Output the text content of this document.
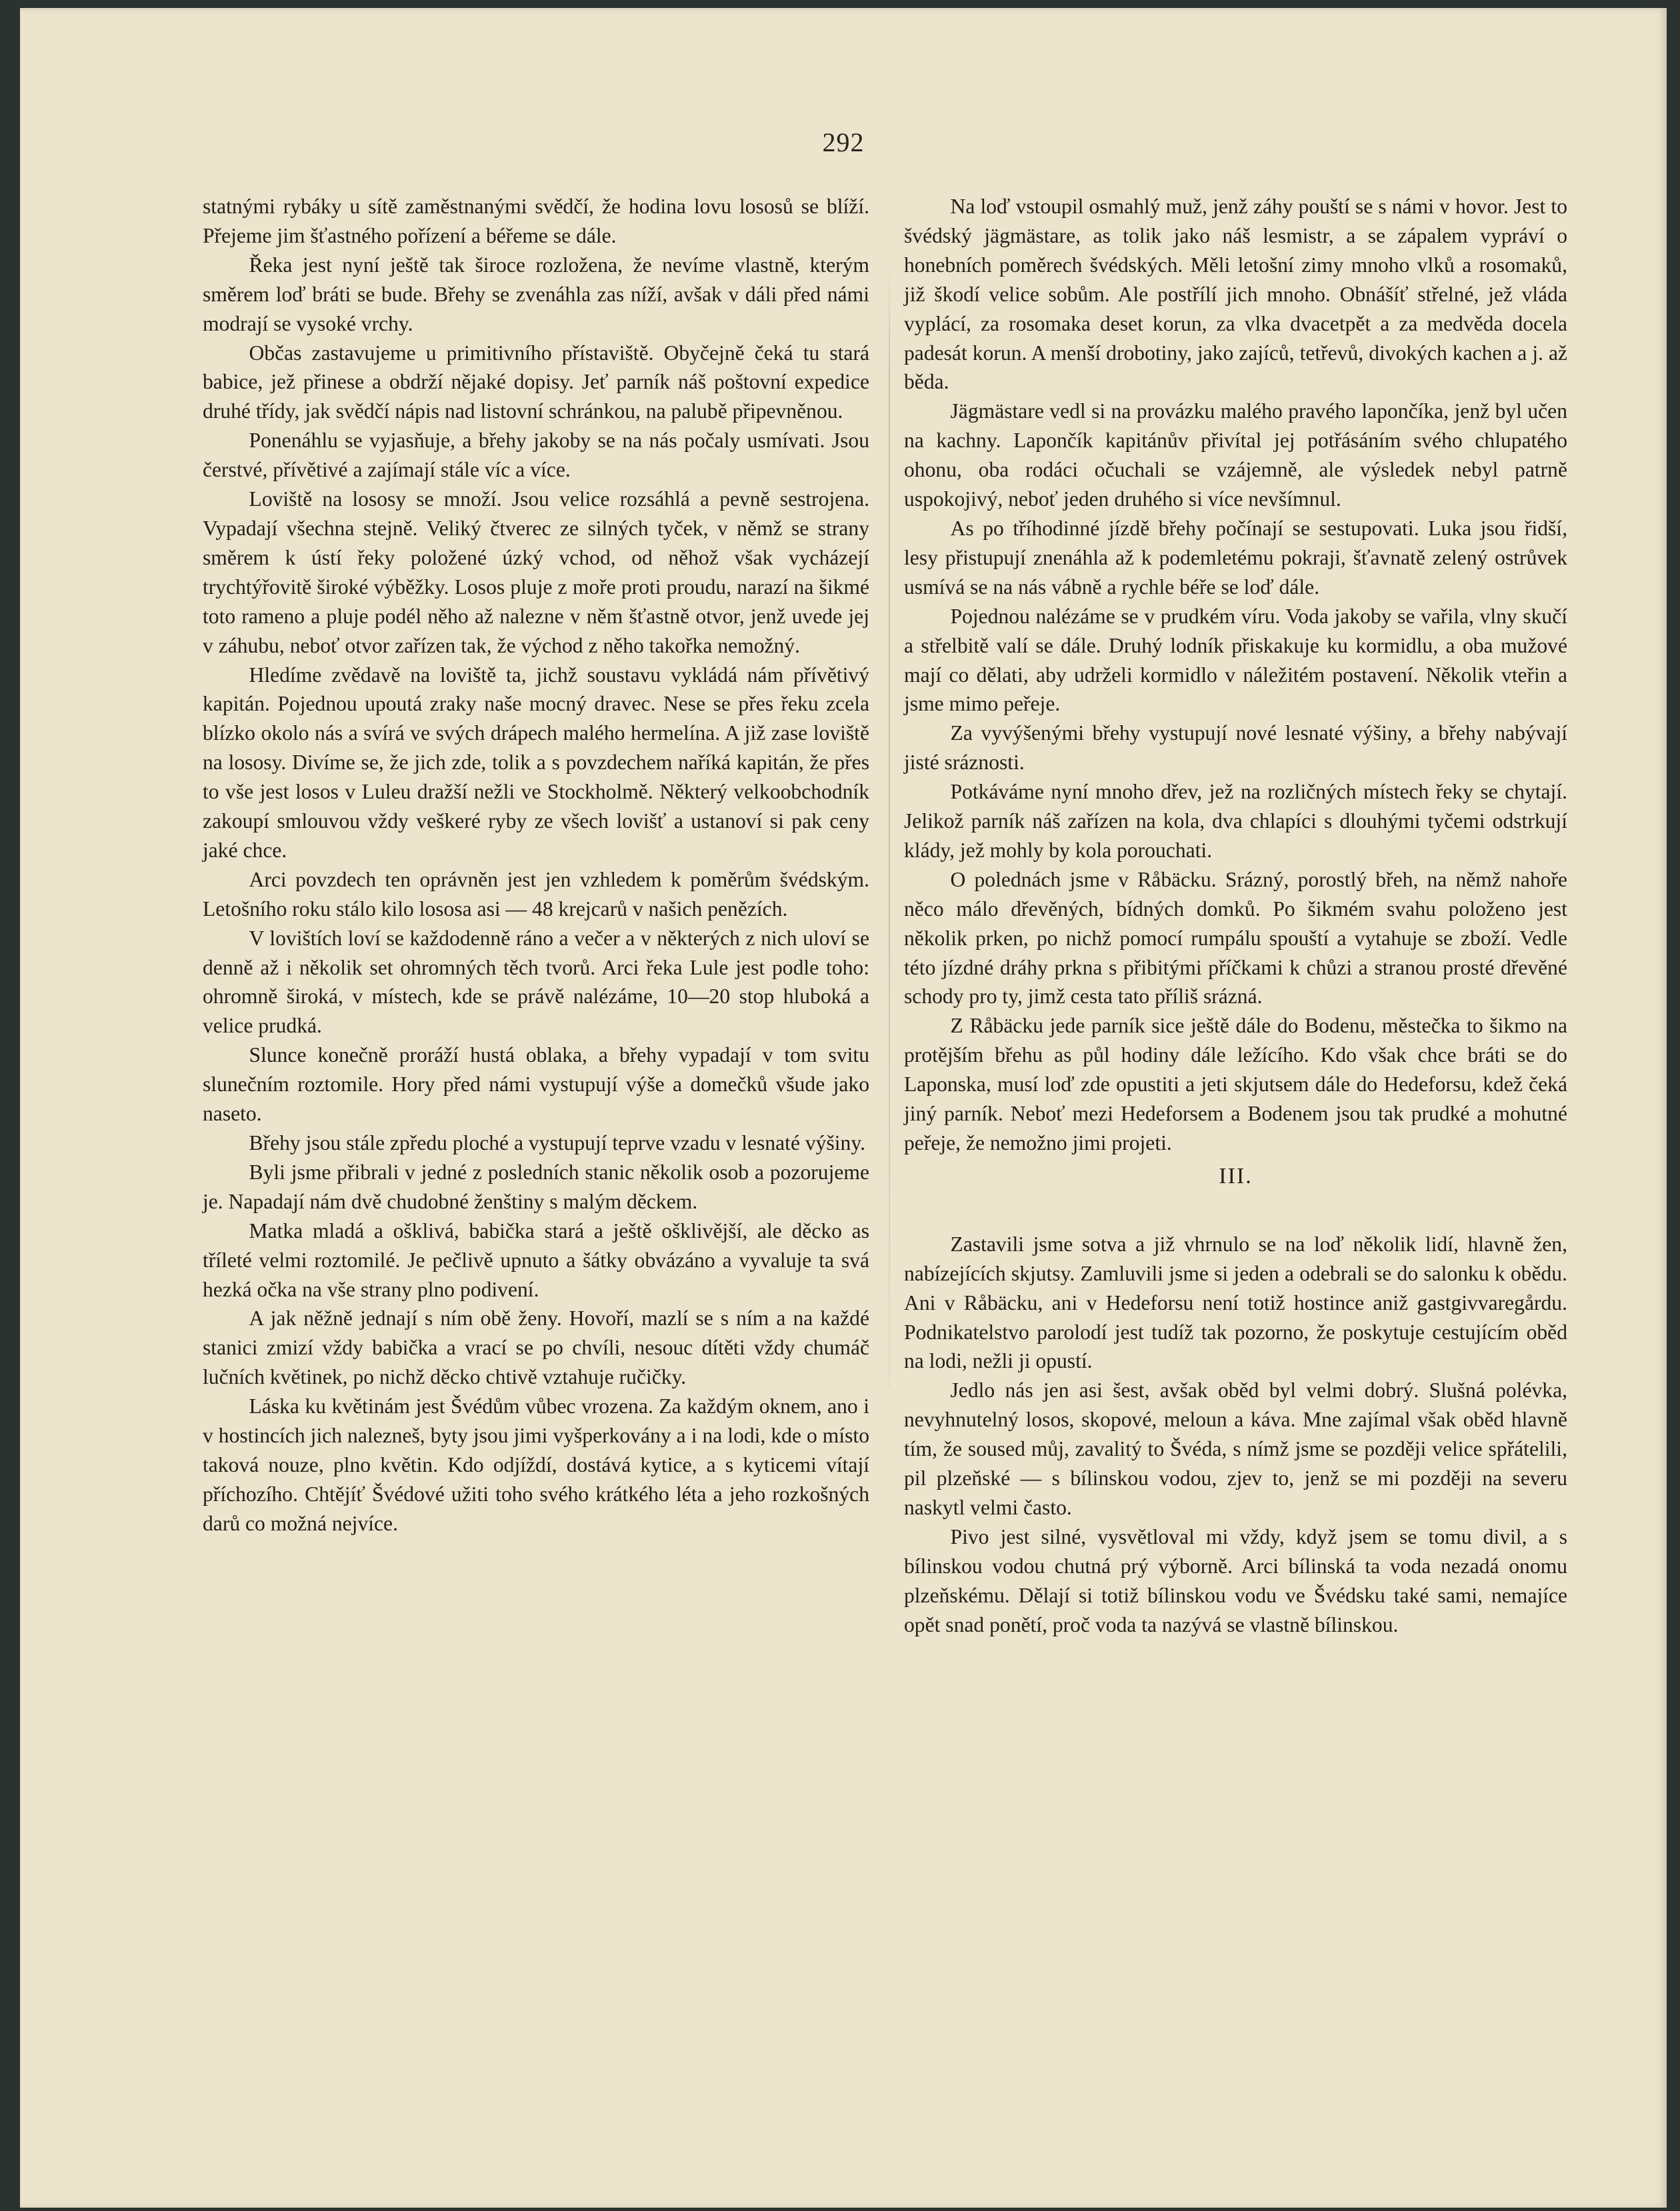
292

statnými rybáky u sítě zaměstnanými svědčí, že hodina lovu lososů se blíží. Přejeme jim šťastného pořízení a béřeme se dále.

Řeka jest nyní ještě tak široce rozložena, že nevíme vlastně, kterým směrem loď bráti se bude. Břehy se zvenáhla zas níží, avšak v dáli před námi modrají se vysoké vrchy.

Občas zastavujeme u primitivního přístaviště. Obyčejně čeká tu stará babice, jež přinese a obdrží nějaké dopisy. Jeť parník náš poštovní expedice druhé třídy, jak svědčí nápis nad listovní schránkou, na palubě připevněnou.

Ponenáhlu se vyjasňuje, a břehy jakoby se na nás počaly usmívati. Jsou čerstvé, přívětivé a zajímají stále víc a více.

Loviště na lososy se množí. Jsou velice rozsáhlá a pevně sestrojena. Vypadají všechna stejně. Veliký čtverec ze silných tyček, v němž se strany směrem k ústí řeky položené úzký vchod, od něhož však vycházejí trychtýřovitě široké výběžky. Losos pluje z moře proti proudu, narazí na šikmé toto rameno a pluje podél něho až nalezne v něm šťastně otvor, jenž uvede jej v záhubu, neboť otvor zařízen tak, že východ z něho takořka nemožný.

Hledíme zvědavě na loviště ta, jichž soustavu vykládá nám přívětivý kapitán. Pojednou upoutá zraky naše mocný dravec. Nese se přes řeku zcela blízko okolo nás a svírá ve svých drápech malého hermelína. A již zase loviště na lososy. Divíme se, že jich zde, tolik a s povzdechem naříká kapitán, že přes to vše jest losos v Luleu dražší nežli ve Stockholmě. Některý velkoobchodník zakoupí smlouvou vždy veškeré ryby ze všech lovišť a ustanoví si pak ceny jaké chce.

Arci povzdech ten oprávněn jest jen vzhledem k poměrům švédským. Letošního roku stálo kilo lososa asi — 48 krejcarů v našich penězích.

V lovištích loví se každodenně ráno a večer a v některých z nich uloví se denně až i několik set ohromných těch tvorů. Arci řeka Lule jest podle toho: ohromně široká, v místech, kde se právě nalézáme, 10—20 stop hluboká a velice prudká.

Slunce konečně proráží hustá oblaka, a břehy vypadají v tom svitu slunečním roztomile. Hory před námi vystupují výše a domečků všude jako naseto.

Břehy jsou stále zpředu ploché a vystupují teprve vzadu v lesnaté výšiny.

Byli jsme přibrali v jedné z posledních stanic několik osob a pozorujeme je. Napadají nám dvě chudobné ženštiny s malým děckem.

Matka mladá a ošklivá, babička stará a ještě ošklivější, ale děcko as tříleté velmi roztomilé. Je pečlivě upnuto a šátky obvázáno a vyvaluje ta svá hezká očka na vše strany plno podivení.

A jak něžně jednají s ním obě ženy. Hovoří, mazlí se s ním a na každé stanici zmizí vždy babička a vrací se po chvíli, nesouc dítěti vždy chumáč lučních květinek, po nichž děcko chtivě vztahuje ručičky.

Láska ku květinám jest Švédům vůbec vrozena. Za každým oknem, ano i v hostincích jich nalezneš, byty jsou jimi vyšperkovány a i na lodi, kde o místo taková nouze, plno květin. Kdo odjíždí, dostává kytice, a s kyticemi vítají příchozího. Chtějíť Švédové užiti toho svého krátkého léta a jeho rozkošných darů co možná nejvíce.

Na loď vstoupil osmahlý muž, jenž záhy pouští se s námi v hovor. Jest to švédský jägmästare, as tolik jako náš lesmistr, a se zápalem vypráví o honebních poměrech švédských. Měli letošní zimy mnoho vlků a rosomaků, již škodí velice sobům. Ale postřílí jich mnoho. Obnášíť střelné, jež vláda vyplácí, za rosomaka deset korun, za vlka dvacetpět a za medvěda docela padesát korun. A menší drobotiny, jako zajíců, tetřevů, divokých kachen a j. až běda.

Jägmästare vedl si na provázku malého pravého lapončíka, jenž byl učen na kachny. Lapončík kapitánův přivítal jej potřásáním svého chlupatého ohonu, oba rodáci očuchali se vzájemně, ale výsledek nebyl patrně uspokojivý, neboť jeden druhého si více nevšímnul.

As po tříhodinné jízdě břehy počínají se sestupovati. Luka jsou řidší, lesy přistupují znenáhla až k podemletému pokraji, šťavnatě zelený ostrůvek usmívá se na nás vábně a rychle béře se loď dále.

Pojednou nalézáme se v prudkém víru. Voda jakoby se vařila, vlny skučí a střelbitě valí se dále. Druhý lodník přiskakuje ku kormidlu, a oba mužové mají co dělati, aby udrželi kormidlo v náležitém postavení. Několik vteřin a jsme mimo peřeje.

Za vyvýšenými břehy vystupují nové lesnaté výšiny, a břehy nabývají jisté sráznosti.

Potkáváme nyní mnoho dřev, jež na rozličných místech řeky se chytají. Jelikož parník náš zařízen na kola, dva chlapíci s dlouhými tyčemi odstrkují klády, jež mohly by kola porouchati.

O polednách jsme v Råbäcku. Srázný, porostlý břeh, na němž nahoře něco málo dřevěných, bídných domků. Po šikmém svahu položeno jest několik prken, po nichž pomocí rumpálu spouští a vytahuje se zboží. Vedle této jízdné dráhy prkna s přibitými příčkami k chůzi a stranou prosté dřevěné schody pro ty, jimž cesta tato příliš srázná.

Z Råbäcku jede parník sice ještě dále do Bodenu, městečka to šikmo na protějším břehu as půl hodiny dále ležícího. Kdo však chce bráti se do Laponska, musí loď zde opustiti a jeti skjutsem dále do Hedeforsu, kdež čeká jiný parník. Neboť mezi Hedeforsem a Bodenem jsou tak prudké a mohutné peřeje, že nemožno jimi projeti.

III.

Zastavili jsme sotva a již vhrnulo se na loď několik lidí, hlavně žen, nabízejících skjutsy. Zamluvili jsme si jeden a odebrali se do salonku k obědu. Ani v Råbäcku, ani v Hedeforsu není totiž hostince aniž gastgivvaregårdu. Podnikatelstvo parolodí jest tudíž tak pozorno, že poskytuje cestujícím oběd na lodi, nežli ji opustí.

Jedlo nás jen asi šest, avšak oběd byl velmi dobrý. Slušná polévka, nevyhnutelný losos, skopové, meloun a káva. Mne zajímal však oběd hlavně tím, že soused můj, zavalitý to Švéda, s nímž jsme se později velice spřátelili, pil plzeňské — s bílinskou vodou, zjev to, jenž se mi později na severu naskytl velmi často.

Pivo jest silné, vysvětloval mi vždy, když jsem se tomu divil, a s bílinskou vodou chutná prý výborně. Arci bílinská ta voda nezadá onomu plzeňskému. Dělají si totiž bílinskou vodu ve Švédsku také sami, nemajíce opět snad ponětí, proč voda ta nazývá se vlastně bílinskou.
